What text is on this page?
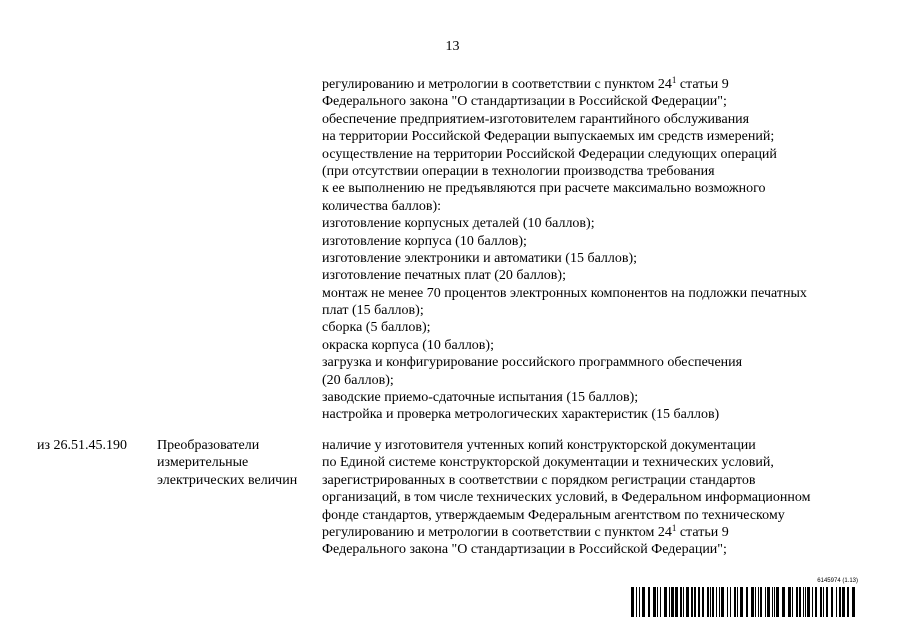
13
регулированию и метрологии в соответствии с пунктом $24^1$ статьи 9
Федерального закона "О стандартизации в Российской Федерации";
обеспечение предприятием-изготовителем гарантийного обслуживания
на территории Российской Федерации выпускаемых им средств измерений;
осуществление на территории Российской Федерации следующих операций
(при отсутствии операции в технологии производства требования
к ее выполнению не предъявляются при расчете максимально возможного
количества баллов):
изготовление корпусных деталей (10 баллов);
изготовление корпуса (10 баллов);
изготовление электроники и автоматики (15 баллов);
изготовление печатных плат (20 баллов);
монтаж не менее 70 процентов электронных компонентов на подложки печатных
плат (15 баллов);
сборка (5 баллов);
окраска корпуса (10 баллов);
загрузка и конфигурирование российского программного обеспечения
(20 баллов);
заводские приемо-сдаточные испытания (15 баллов);
настройка и проверка метрологических характеристик (15 баллов)
из 26.51.45.190 Преобразователи
измерительные
электрических величин
наличие у изготовителя учтенных копий конструкторской документации
по Единой системе конструкторской документации и технических условий,
зарегистрированных в соответствии с порядком регистрации стандартов
организаций, в том числе технических условий, в Федеральном информационном
фонде стандартов, утверждаемым Федеральным агентством по техническому
регулированию и метрологии в соответствии с пунктом $24^1$ статьи 9
Федерального закона "О стандартизации в Российской Федерации";
6145974 (1.13)
